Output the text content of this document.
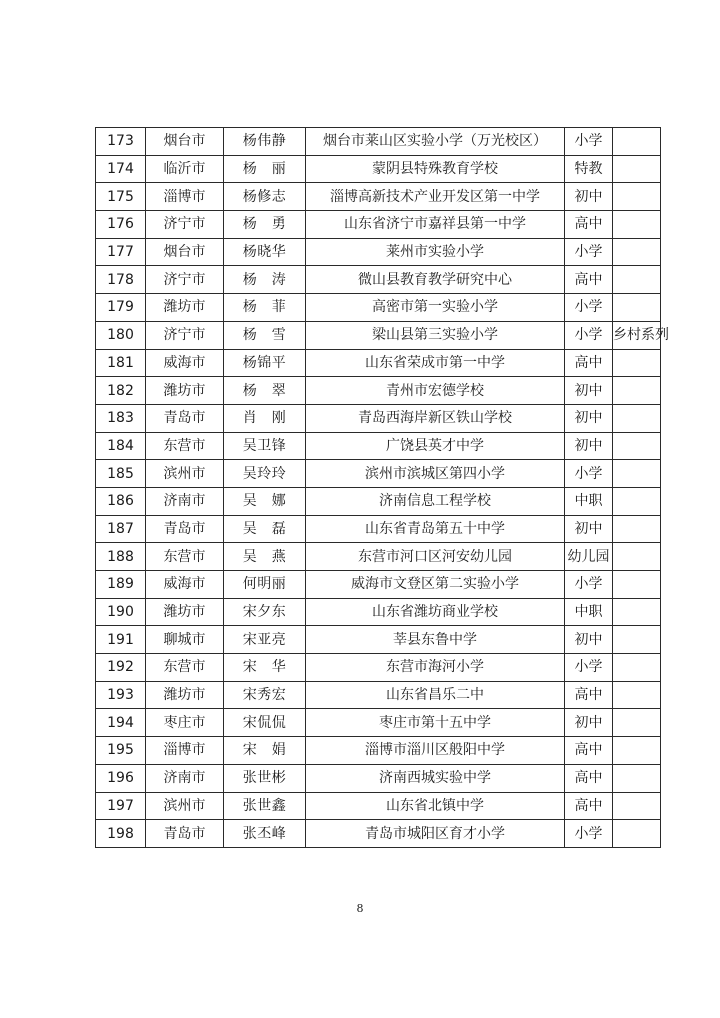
173	烟台市	杨伟静	烟台市莱山区实验小学（万光校区）	小学	
174	临沂市	杨　丽	蒙阴县特殊教育学校	特教	
175	淄博市	杨修志	淄博高新技术产业开发区第一中学	初中	
176	济宁市	杨　勇	山东省济宁市嘉祥县第一中学	高中	
177	烟台市	杨晓华	莱州市实验小学	小学	
178	济宁市	杨　涛	微山县教育教学研究中心	高中	
179	潍坊市	杨　菲	高密市第一实验小学	小学	
180	济宁市	杨　雪	梁山县第三实验小学	小学	乡村系列
181	威海市	杨锦平	山东省荣成市第一中学	高中	
182	潍坊市	杨　翠	青州市宏德学校	初中	
183	青岛市	肖　刚	青岛西海岸新区铁山学校	初中	
184	东营市	吴卫锋	广饶县英才中学	初中	
185	滨州市	吴玲玲	滨州市滨城区第四小学	小学	
186	济南市	吴　娜	济南信息工程学校	中职	
187	青岛市	吴　磊	山东省青岛第五十中学	初中	
188	东营市	吴　燕	东营市河口区河安幼儿园	幼儿园	
189	威海市	何明丽	威海市文登区第二实验小学	小学	
190	潍坊市	宋夕东	山东省潍坊商业学校	中职	
191	聊城市	宋亚亮	莘县东鲁中学	初中	
192	东营市	宋　华	东营市海河小学	小学	
193	潍坊市	宋秀宏	山东省昌乐二中	高中	
194	枣庄市	宋侃侃	枣庄市第十五中学	初中	
195	淄博市	宋　娟	淄博市淄川区般阳中学	高中	
196	济南市	张世彬	济南西城实验中学	高中	
197	滨州市	张世鑫	山东省北镇中学	高中	
198	青岛市	张丕峰	青岛市城阳区育才小学	小学	
8
